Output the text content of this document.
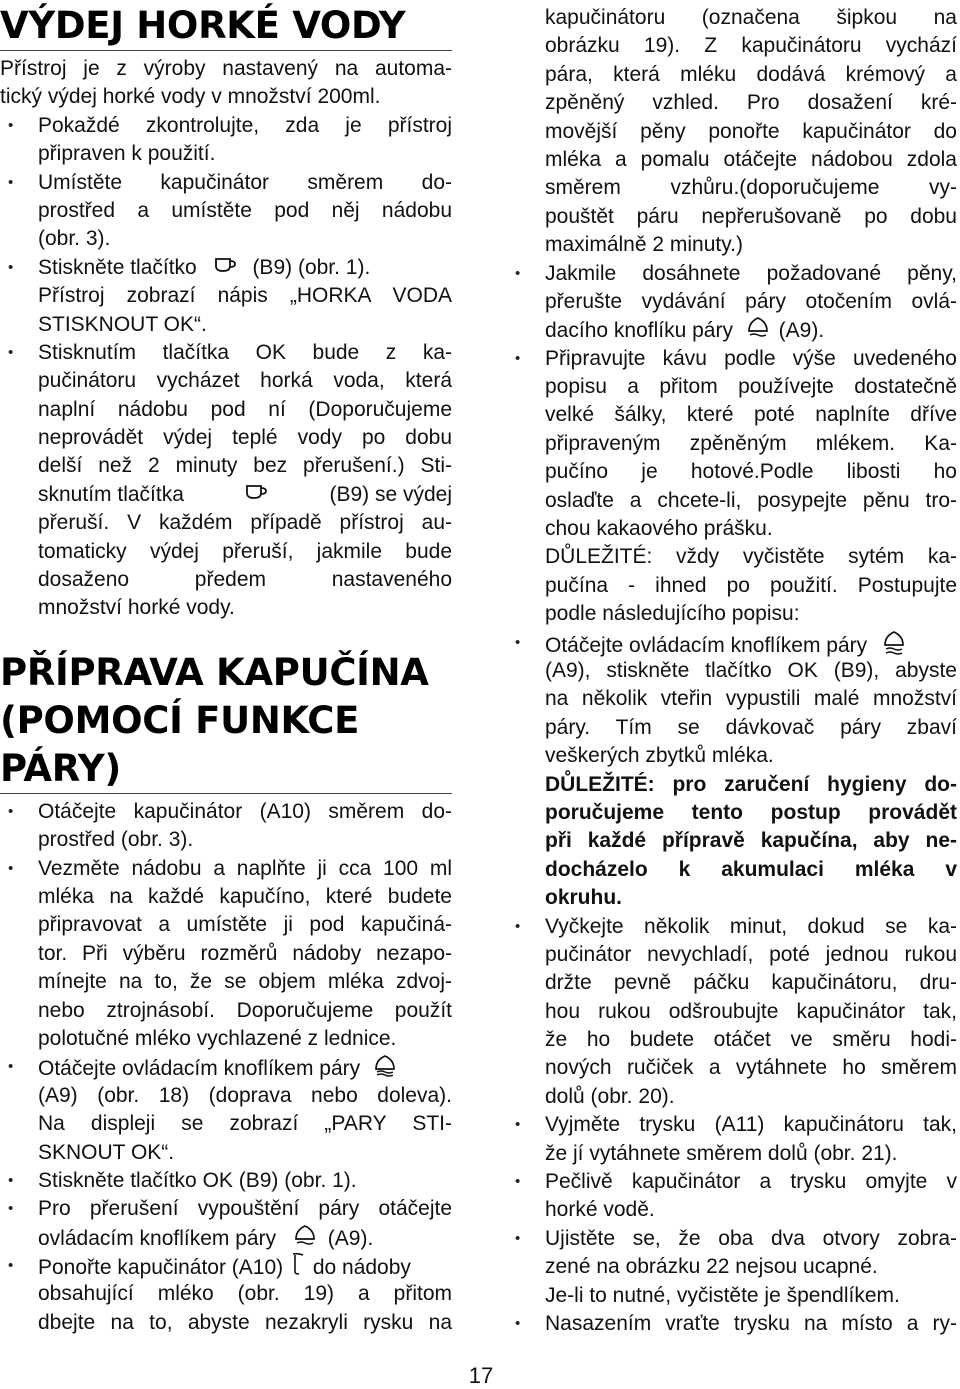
VÝDEJ HORKÉ VODY
Přístroj je z výroby nastavený na automa-
tický výdej horké vody v množství 200ml.
• Pokaždé zkontrolujte, zda je přístroj
připraven k použití.
• Umístěte kapučinátor směrem do-
prostřed a umístěte pod něj nádobu
(obr. 3).
• Stiskněte tlačítko	(B9) (obr. 1).
Přístroj zobrazí nápis „HORKA VODA
STISKNOUT OK“.
• Stisknutím tlačítka OK bude z ka-
pučinátoru vycházet horká voda, která
naplní nádobu pod ní (Doporučujeme
neprovádět výdej teplé vody po dobu
delší než 2 minuty bez přerušení.) Sti-
sknutím tlačítka	(B9) se výdej
přeruší. V každém případě přístroj au-
tomaticky výdej přeruší, jakmile bude
dosaženo předem nastaveného
množství horké vody.
PŘÍPRAVA KAPUČÍNA
(POMOCÍ FUNKCE
PÁRY)
• Otáčejte kapučinátor (A10) směrem do-
prostřed (obr. 3).
• Vezměte nádobu a naplňte ji cca 100 ml
mléka na každé kapučíno, které budete
připravovat a umístěte ji pod kapučiná-
tor. Při výběru rozměrů nádoby nezapo-
mínejte na to, že se objem mléka zdvoj-
nebo ztrojnásobí. Doporučujeme použít
polotučné mléko vychlazené z lednice.
• Otáčejte ovládacím knoflíkem páry
(A9) (obr. 18) (doprava nebo doleva).
Na displeji se zobrazí „PARY STI-
SKNOUT OK“.
• Stiskněte tlačítko OK (B9) (obr. 1).
• Pro přerušení vypouštění páry otáčejte
ovládacím knoflíkem páry (A9).
• Ponořte kapučinátor (A10) do nádoby
obsahující mléko (obr. 19) a přitom
dbejte na to, abyste nezakryli rysku na
kapučinátoru (označena šipkou na
obrázku 19). Z kapučinátoru vychází
pára, která mléku dodává krémový a
zpěněný vzhled. Pro dosažení kré-
movější pěny ponořte kapučinátor do
mléka a pomalu otáčejte nádobou zdola
směrem vzhůru.(doporučujeme vy-
pouštět páru nepřerušovaně po dobu
maximálně 2 minuty.)
• Jakmile dosáhnete požadované pěny,
přerušte vydávání páry otočením ovlá-
dacího knoflíku páry (A9).
• Připravujte kávu podle výše uvedeného
popisu a přitom používejte dostatečně
velké šálky, které poté naplníte dříve
připraveným zpěněným mlékem. Ka-
pučíno je hotové.Podle libosti ho
oslaďte a chcete-li, posypejte pěnu tro-
chou kakaového prášku.
DŮLEŽITÉ: vždy vyčistěte sytém ka-
pučína - ihned po použití. Postupujte
podle následujícího popisu:
• Otáčejte ovládacím knoflíkem páry
(A9), stiskněte tlačítko OK (B9), abyste
na několik vteřin vypustili malé množství
páry. Tím se dávkovač páry zbaví
veškerých zbytků mléka.
DŮLEŽITÉ: pro zaručení hygieny do-
poručujeme tento postup provádět
při každé přípravě kapučína, aby ne-
docházelo k akumulaci mléka v
okruhu.
• Vyčkejte několik minut, dokud se ka-
pučinátor nevychladí, poté jednou rukou
držte pevně páčku kapučinátoru, dru-
hou rukou odšroubujte kapučinátor tak,
že ho budete otáčet ve směru hodi-
nových ručiček a vytáhnete ho směrem
dolů (obr. 20).
• Vyjměte trysku (A11) kapučinátoru tak,
že jí vytáhnete směrem dolů (obr. 21).
• Pečlivě kapučinátor a trysku omyjte v
horké vodě.
• Ujistěte se, že oba dva otvory zobra-
zené na obrázku 22 nejsou ucapné.
Je-li to nutné, vyčistěte je špendlíkem.
• Nasazením vraťte trysku na místo a ry-
17
